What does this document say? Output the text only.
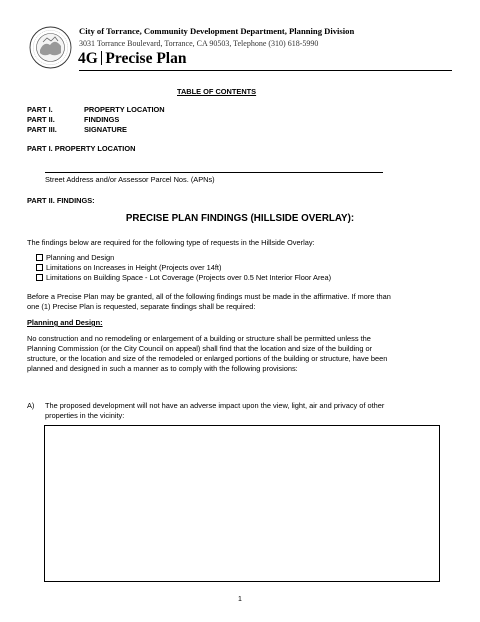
City of Torrance, Community Development Department, Planning Division
3031 Torrance Boulevard, Torrance, CA 90503, Telephone (310) 618-5990
4G Precise Plan
TABLE OF CONTENTS
PART I.	PROPERTY LOCATION
PART II.	FINDINGS
PART III.	SIGNATURE
PART I. PROPERTY LOCATION
Street Address and/or Assessor Parcel Nos. (APNs)
PART II. FINDINGS:
PRECISE PLAN FINDINGS (HILLSIDE OVERLAY):
The findings below are required for the following type of requests in the Hillside Overlay:
Planning and Design
Limitations on Increases in Height (Projects over 14ft)
Limitations on Building Space - Lot Coverage (Projects over 0.5 Net Interior Floor Area)
Before a Precise Plan may be granted, all of the following findings must be made in the affirmative. If more than
one (1) Precise Plan is requested, separate findings shall be required:
Planning and Design:
No construction and no remodeling or enlargement of a building or structure shall be permitted unless the
Planning Commission (or the City Council on appeal) shall find that the location and size of the building or
structure, or the location and size of the remodeled or enlarged portions of the building or structure, have been
planned and designed in such a manner as to comply with the following provisions:
A) The proposed development will not have an adverse impact upon the view, light, air and privacy of other
properties in the vicinity:
1
